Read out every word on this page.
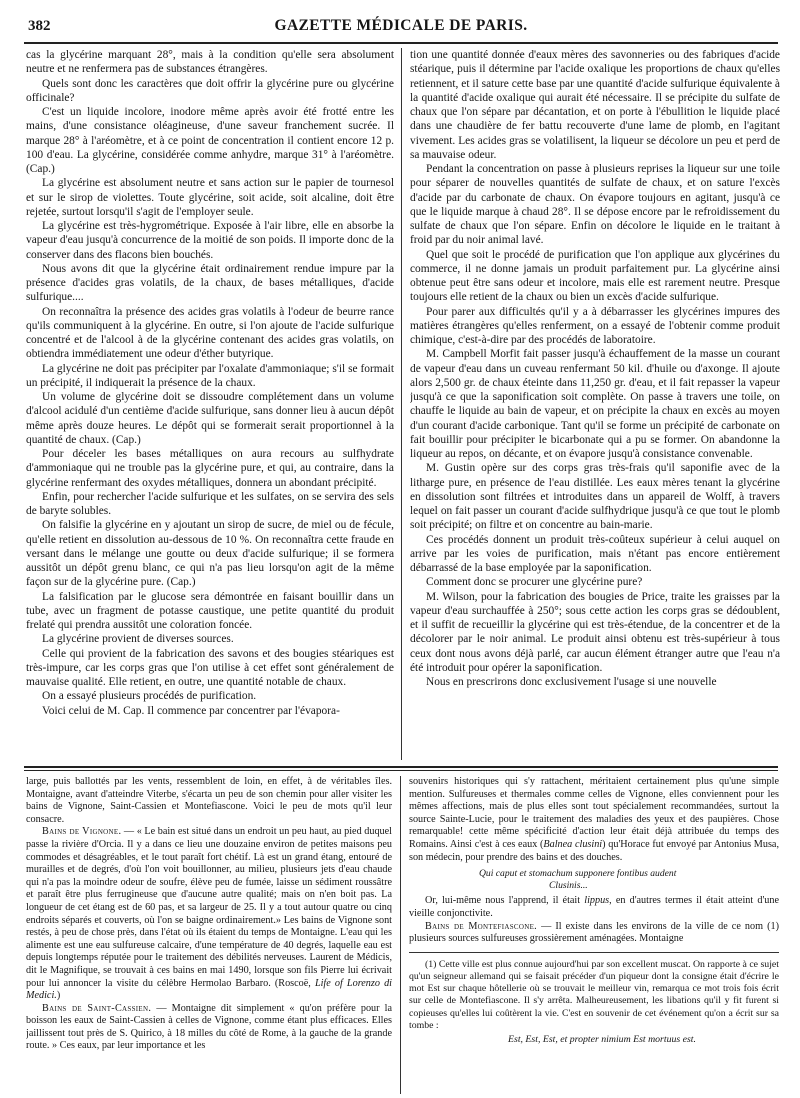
382	GAZETTE MÉDICALE DE PARIS.

cas la glycérine marquant 28°, mais à la condition qu'elle sera absolument neutre et ne renfermera pas de substances étrangères.

Quels sont donc les caractères que doit offrir la glycérine pure ou glycérine officinale?

C'est un liquide incolore, inodore même après avoir été frotté entre les mains, d'une consistance oléagineuse, d'une saveur franchement sucrée. Il marque 28° à l'aréomètre, et à ce point de concentration il contient encore 12 p. 100 d'eau. La glycérine, considérée comme anhydre, marque 31° à l'aréomètre. (Cap.)

La glycérine est absolument neutre et sans action sur le papier de tournesol et sur le sirop de violettes. Toute glycérine, soit acide, soit alcaline, doit être rejetée, surtout lorsqu'il s'agit de l'employer seule.

La glycérine est très-hygrométrique. Exposée à l'air libre, elle en absorbe la vapeur d'eau jusqu'à concurrence de la moitié de son poids. Il importe donc de la conserver dans des flacons bien bouchés.

Nous avons dit que la glycérine était ordinairement rendue impure par la présence d'acides gras volatils, de la chaux, de bases métalliques, d'acide sulfurique....

On reconnaîtra la présence des acides gras volatils à l'odeur de beurre rance qu'ils communiquent à la glycérine. En outre, si l'on ajoute de l'acide sulfurique concentré et de l'alcool à de la glycérine contenant des acides gras volatils, on obtiendra immédiatement une odeur d'éther butyrique.

La glycérine ne doit pas précipiter par l'oxalate d'ammoniaque; s'il se formait un précipité, il indiquerait la présence de la chaux.

Un volume de glycérine doit se dissoudre complétement dans un volume d'alcool acidulé d'un centième d'acide sulfurique, sans donner lieu à aucun dépôt même après douze heures. Le dépôt qui se formerait serait proportionnel à la quantité de chaux. (Cap.)

Pour déceler les bases métalliques on aura recours au sulfhydrate d'ammoniaque qui ne trouble pas la glycérine pure, et qui, au contraire, dans la glycérine renfermant des oxydes métalliques, donnera un abondant précipité.

Enfin, pour rechercher l'acide sulfurique et les sulfates, on se servira des sels de baryte solubles.

On falsifie la glycérine en y ajoutant un sirop de sucre, de miel ou de fécule, qu'elle retient en dissolution au-dessous de 10 %. On reconnaîtra cette fraude en versant dans le mélange une goutte ou deux d'acide sulfurique; il se formera aussitôt un dépôt grenu blanc, ce qui n'a pas lieu lorsqu'on agit de la même façon sur de la glycérine pure. (Cap.)

La falsification par le glucose sera démontrée en faisant bouillir dans un tube, avec un fragment de potasse caustique, une petite quantité du produit frelaté qui prendra aussitôt une coloration foncée.

La glycérine provient de diverses sources.

Celle qui provient de la fabrication des savons et des bougies stéariques est très-impure, car les corps gras que l'on utilise à cet effet sont généralement de mauvaise qualité. Elle retient, en outre, une quantité notable de chaux.

On a essayé plusieurs procédés de purification.

Voici celui de M. Cap. Il commence par concentrer par l'évapora-

tion une quantité donnée d'eaux mères des savonneries ou des fabriques d'acide stéarique, puis il détermine par l'acide oxalique les proportions de chaux qu'elles retiennent, et il sature cette base par une quantité d'acide sulfurique équivalente à la quantité d'acide oxalique qui aurait été nécessaire. Il se précipite du sulfate de chaux que l'on sépare par décantation, et on porte à l'ébullition le liquide placé dans une chaudière de fer battu recouverte d'une lame de plomb, en l'agitant vivement. Les acides gras se volatilisent, la liqueur se décolore un peu et perd de sa mauvaise odeur.

Pendant la concentration on passe à plusieurs reprises la liqueur sur une toile pour séparer de nouvelles quantités de sulfate de chaux, et on sature l'excès d'acide par du carbonate de chaux. On évapore toujours en agitant, jusqu'à ce que le liquide marque à chaud 28°. Il se dépose encore par le refroidissement du sulfate de chaux que l'on sépare. Enfin on décolore le liquide en le traitant à froid par du noir animal lavé.

Quel que soit le procédé de purification que l'on applique aux glycérines du commerce, il ne donne jamais un produit parfaitement pur. La glycérine ainsi obtenue peut être sans odeur et incolore, mais elle est rarement neutre. Presque toujours elle retient de la chaux ou bien un excès d'acide sulfurique.

Pour parer aux difficultés qu'il y a à débarrasser les glycérines impures des matières étrangères qu'elles renferment, on a essayé de l'obtenir comme produit chimique, c'est-à-dire par des procédés de laboratoire.

M. Campbell Morfit fait passer jusqu'à échauffement de la masse un courant de vapeur d'eau dans un cuveau renfermant 50 kil. d'huile ou d'axonge. Il ajoute alors 2,500 gr. de chaux éteinte dans 11,250 gr. d'eau, et il fait repasser la vapeur jusqu'à ce que la saponification soit complète. On passe à travers une toile, on chauffe le liquide au bain de vapeur, et on précipite la chaux en excès au moyen d'un courant d'acide carbonique. Tant qu'il se forme un précipité de carbonate on fait bouillir pour précipiter le bicarbonate qui a pu se former. On abandonne la liqueur au repos, on décante, et on évapore jusqu'à consistance convenable.

M. Gustin opère sur des corps gras très-frais qu'il saponifie avec de la litharge pure, en présence de l'eau distillée. Les eaux mères tenant la glycérine en dissolution sont filtrées et introduites dans un appareil de Wolff, à travers lequel on fait passer un courant d'acide sulfhydrique jusqu'à ce que tout le plomb soit précipité; on filtre et on concentre au bain-marie.

Ces procédés donnent un produit très-coûteux supérieur à celui auquel on arrive par les voies de purification, mais n'étant pas encore entièrement débarrassé de la base employée par la saponification.

Comment donc se procurer une glycérine pure?

M. Wilson, pour la fabrication des bougies de Price, traite les graisses par la vapeur d'eau surchauffée à 250°; sous cette action les corps gras se dédoublent, et il suffit de recueillir la glycérine qui est très-étendue, de la concentrer et de la décolorer par le noir animal. Le produit ainsi obtenu est très-supérieur à tous ceux dont nous avons déjà parlé, car aucun élément étranger autre que l'eau n'a été introduit pour opérer la saponification.

Nous en prescrirons donc exclusivement l'usage si une nouvelle

large, puis ballottés par les vents, ressemblent de loin, en effet, à de véritables îles. Montaigne, avant d'atteindre Viterbe, s'écarta un peu de son chemin pour aller visiter les bains de Vignone, Saint-Cassien et Montefiascone. Voici le peu de mots qu'il leur consacre.

Bains de Vignone. — « Le bain est situé dans un endroit un peu haut, au pied duquel passe la rivière d'Orcia. Il y a dans ce lieu une douzaine environ de petites maisons peu commodes et désagréables, et le tout paraît fort chétif. Là est un grand étang, entouré de murailles et de degrés, d'où l'on voit bouillonner, au milieu, plusieurs jets d'eau chaude qui n'a pas la moindre odeur de soufre, élève peu de fumée, laisse un sédiment roussâtre et paraît être plus ferrugineuse que d'aucune autre qualité; mais on n'en boit pas. La longueur de cet étang est de 60 pas, et sa largeur de 25. Il y a tout autour quatre ou cinq endroits séparés et couverts, où l'on se baigne ordinairement.» Les bains de Vignone sont restés, à peu de chose près, dans l'état où ils étaient du temps de Montaigne. L'eau qui les alimente est une eau sulfureuse calcaire, d'une température de 40 degrés, laquelle eau est depuis longtemps réputée pour le traitement des débilités nerveuses. Laurent de Médicis, dit le Magnifique, se trouvait à ces bains en mai 1490, lorsque son fils Pierre lui écrivait pour lui annoncer la visite du célèbre Hermolao Barbaro. (Roscoë, Life of Lorenzo di Medici.)

Bains de Saint-Cassien. — Montaigne dit simplement « qu'on préfère pour la boisson les eaux de Saint-Cassien à celles de Vignone, comme étant plus efficaces. Elles jaillissent tout près de S. Quirico, à 18 milles du côté de Rome, à la gauche de la grande route. » Ces eaux, par leur importance et les

souvenirs historiques qui s'y rattachent, méritaient certainement plus qu'une simple mention. Sulfureuses et thermales comme celles de Vignone, elles conviennent pour les mêmes affections, mais de plus elles sont tout spécialement recommandées, surtout la source Sainte-Lucie, pour le traitement des maladies des yeux et des paupières. Chose remarquable! cette même spécificité d'action leur était déjà attribuée du temps des Romains. Ainsi c'est à ces eaux (Balnea clusini) qu'Horace fut envoyé par Antonius Musa, son médecin, pour prendre des bains et des douches.

Qui caput et stomachum supponere fontibus audent
Clusinis...

Or, lui-même nous l'apprend, il était lippus, en d'autres termes il était atteint d'une vieille conjonctivite.

Bains de Montefiascone. — Il existe dans les environs de la ville de ce nom (1) plusieurs sources sulfureuses grossièrement aménagées. Montaigne

(1) Cette ville est plus connue aujourd'hui par son excellent muscat. On rapporte à ce sujet qu'un seigneur allemand qui se faisait précéder d'un piqueur dont la consigne était d'écrire le mot Est sur chaque hôtellerie où se trouvait le meilleur vin, remarqua ce mot trois fois écrit sur celle de Montefiascone. Il s'y arrêta. Malheureusement, les libations qu'il y fit furent si copieuses qu'elles lui coûtèrent la vie. C'est en souvenir de cet événement qu'on a écrit sur sa tombe :
Est, Est, Est, et propter nimium Est mortuus est.
